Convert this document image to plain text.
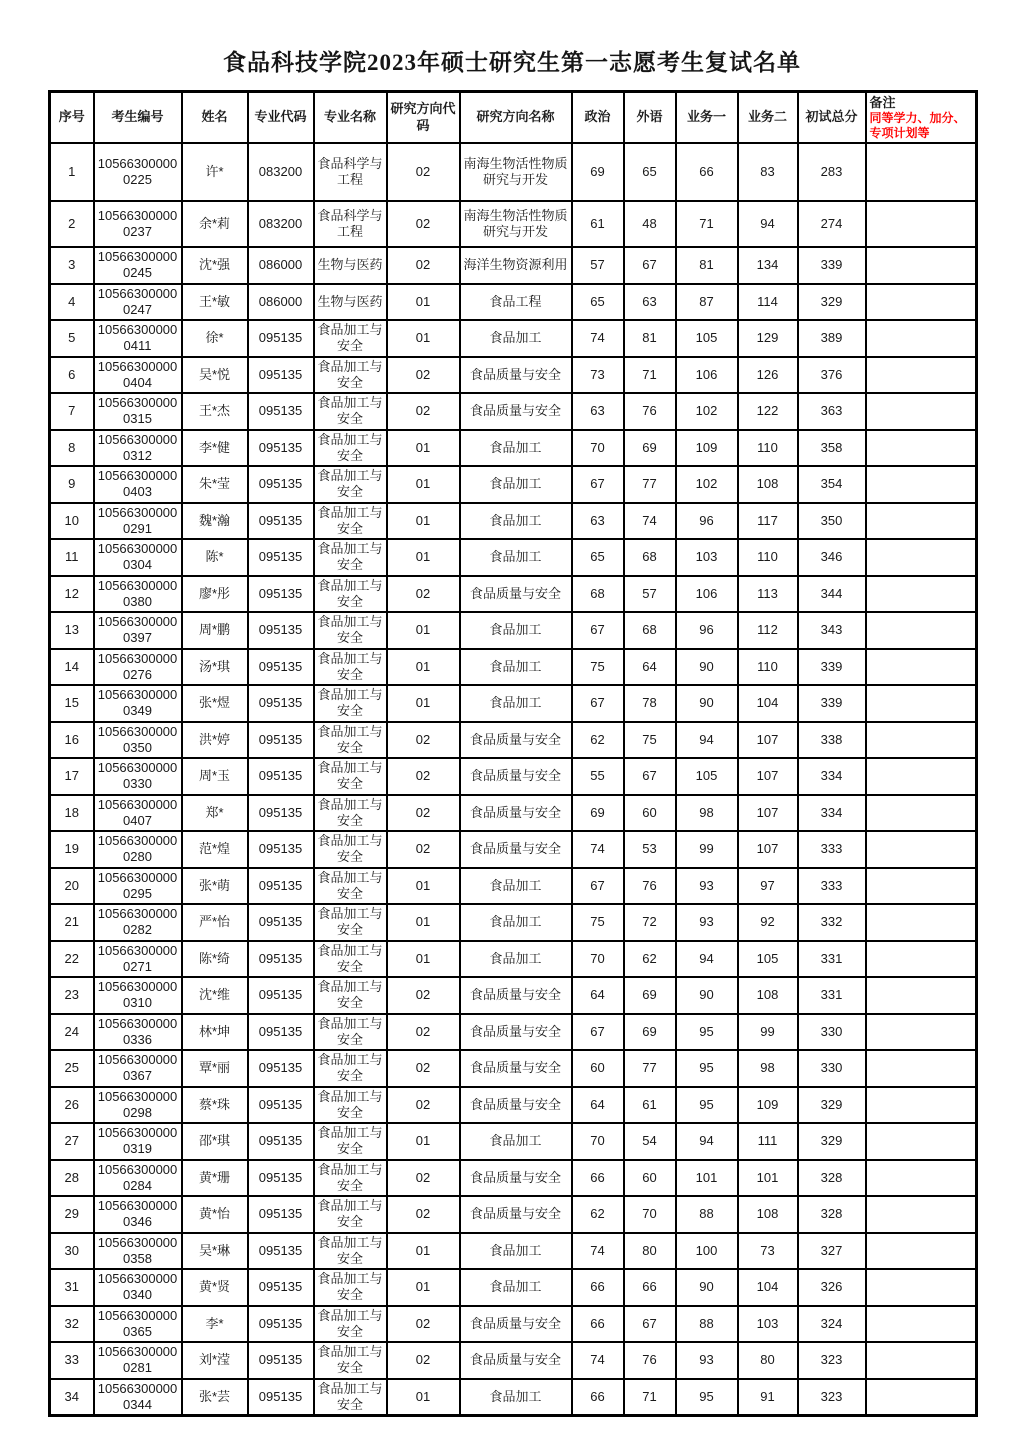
食品科技学院2023年硕士研究生第一志愿考生复试名单
序号	考生编号	姓名	专业代码	专业名称	研究方向代码	研究方向名称	政治	外语	业务一	业务二	初试总分	备注
同等学力、加分、专项计划等

1	105663000000225	许*	083200	食品科学与工程	02	南海生物活性物质研究与开发	69	65	66	83	283	
2	105663000000237	余*莉	083200	食品科学与工程	02	南海生物活性物质研究与开发	61	48	71	94	274	
3	105663000000245	沈*强	086000	生物与医药	02	海洋生物资源利用	57	67	81	134	339	
4	105663000000247	王*敏	086000	生物与医药	01	食品工程	65	63	87	114	329	
5	105663000000411	徐*	095135	食品加工与安全	01	食品加工	74	81	105	129	389	
6	105663000000404	吴*悦	095135	食品加工与安全	02	食品质量与安全	73	71	106	126	376	
7	105663000000315	王*杰	095135	食品加工与安全	02	食品质量与安全	63	76	102	122	363	
8	105663000000312	李*健	095135	食品加工与安全	01	食品加工	70	69	109	110	358	
9	105663000000403	朱*莹	095135	食品加工与安全	01	食品加工	67	77	102	108	354	
10	105663000000291	魏*瀚	095135	食品加工与安全	01	食品加工	63	74	96	117	350	
11	105663000000304	陈*	095135	食品加工与安全	01	食品加工	65	68	103	110	346	
12	105663000000380	廖*彤	095135	食品加工与安全	02	食品质量与安全	68	57	106	113	344	
13	105663000000397	周*鹏	095135	食品加工与安全	01	食品加工	67	68	96	112	343	
14	105663000000276	汤*琪	095135	食品加工与安全	01	食品加工	75	64	90	110	339	
15	105663000000349	张*煜	095135	食品加工与安全	01	食品加工	67	78	90	104	339	
16	105663000000350	洪*婷	095135	食品加工与安全	02	食品质量与安全	62	75	94	107	338	
17	105663000000330	周*玉	095135	食品加工与安全	02	食品质量与安全	55	67	105	107	334	
18	105663000000407	郑*	095135	食品加工与安全	02	食品质量与安全	69	60	98	107	334	
19	105663000000280	范*煌	095135	食品加工与安全	02	食品质量与安全	74	53	99	107	333	
20	105663000000295	张*萌	095135	食品加工与安全	01	食品加工	67	76	93	97	333	
21	105663000000282	严*怡	095135	食品加工与安全	01	食品加工	75	72	93	92	332	
22	105663000000271	陈*绮	095135	食品加工与安全	01	食品加工	70	62	94	105	331	
23	105663000000310	沈*维	095135	食品加工与安全	02	食品质量与安全	64	69	90	108	331	
24	105663000000336	林*坤	095135	食品加工与安全	02	食品质量与安全	67	69	95	99	330	
25	105663000000367	覃*丽	095135	食品加工与安全	02	食品质量与安全	60	77	95	98	330	
26	105663000000298	蔡*珠	095135	食品加工与安全	02	食品质量与安全	64	61	95	109	329	
27	105663000000319	邵*琪	095135	食品加工与安全	01	食品加工	70	54	94	111	329	
28	105663000000284	黄*珊	095135	食品加工与安全	02	食品质量与安全	66	60	101	101	328	
29	105663000000346	黄*怡	095135	食品加工与安全	02	食品质量与安全	62	70	88	108	328	
30	105663000000358	吴*琳	095135	食品加工与安全	01	食品加工	74	80	100	73	327	
31	105663000000340	黄*贤	095135	食品加工与安全	01	食品加工	66	66	90	104	326	
32	105663000000365	李*	095135	食品加工与安全	02	食品质量与安全	66	67	88	103	324	
33	105663000000281	刘*滢	095135	食品加工与安全	02	食品质量与安全	74	76	93	80	323	
34	105663000000344	张*芸	095135	食品加工与安全	01	食品加工	66	71	95	91	323	
